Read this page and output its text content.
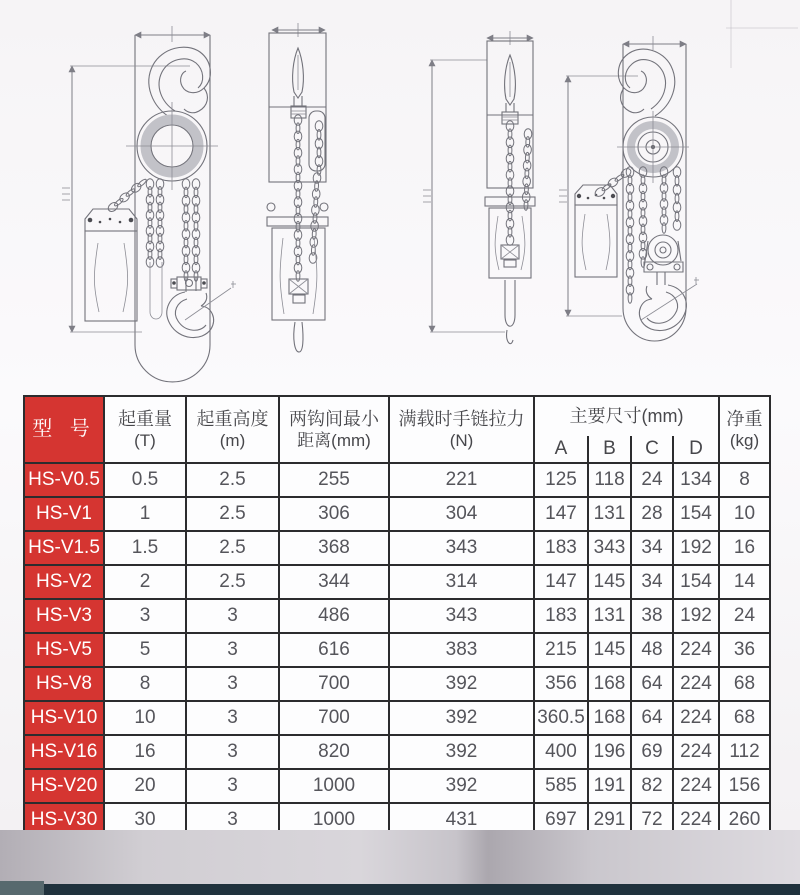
型 号	起重量
(T)

起重高度
(m)

两钩间最小
距离(mm)

满载时手链拉力
(N)
	主要尺寸(mm)	净重
(kg)

					A	B	C	D	
HS-V0.5	0.5	2.5	255	221	125	118	24	134	8
HS-V1	1	2.5	306	304	147	131	28	154	10
HS-V1.5	1.5	2.5	368	343	183	343	34	192	16
HS-V2	2	2.5	344	314	147	145	34	154	14
HS-V3	3	3	486	343	183	131	38	192	24
HS-V5	5	3	616	383	215	145	48	224	36
HS-V8	8	3	700	392	356	168	64	224	68
HS-V10	10	3	700	392	360.5	168	64	224	68
HS-V16	16	3	820	392	400	196	69	224	112
HS-V20	20	3	1000	392	585	191	82	224	156
HS-V30	30	3	1000	431	697	291	72	224	260
